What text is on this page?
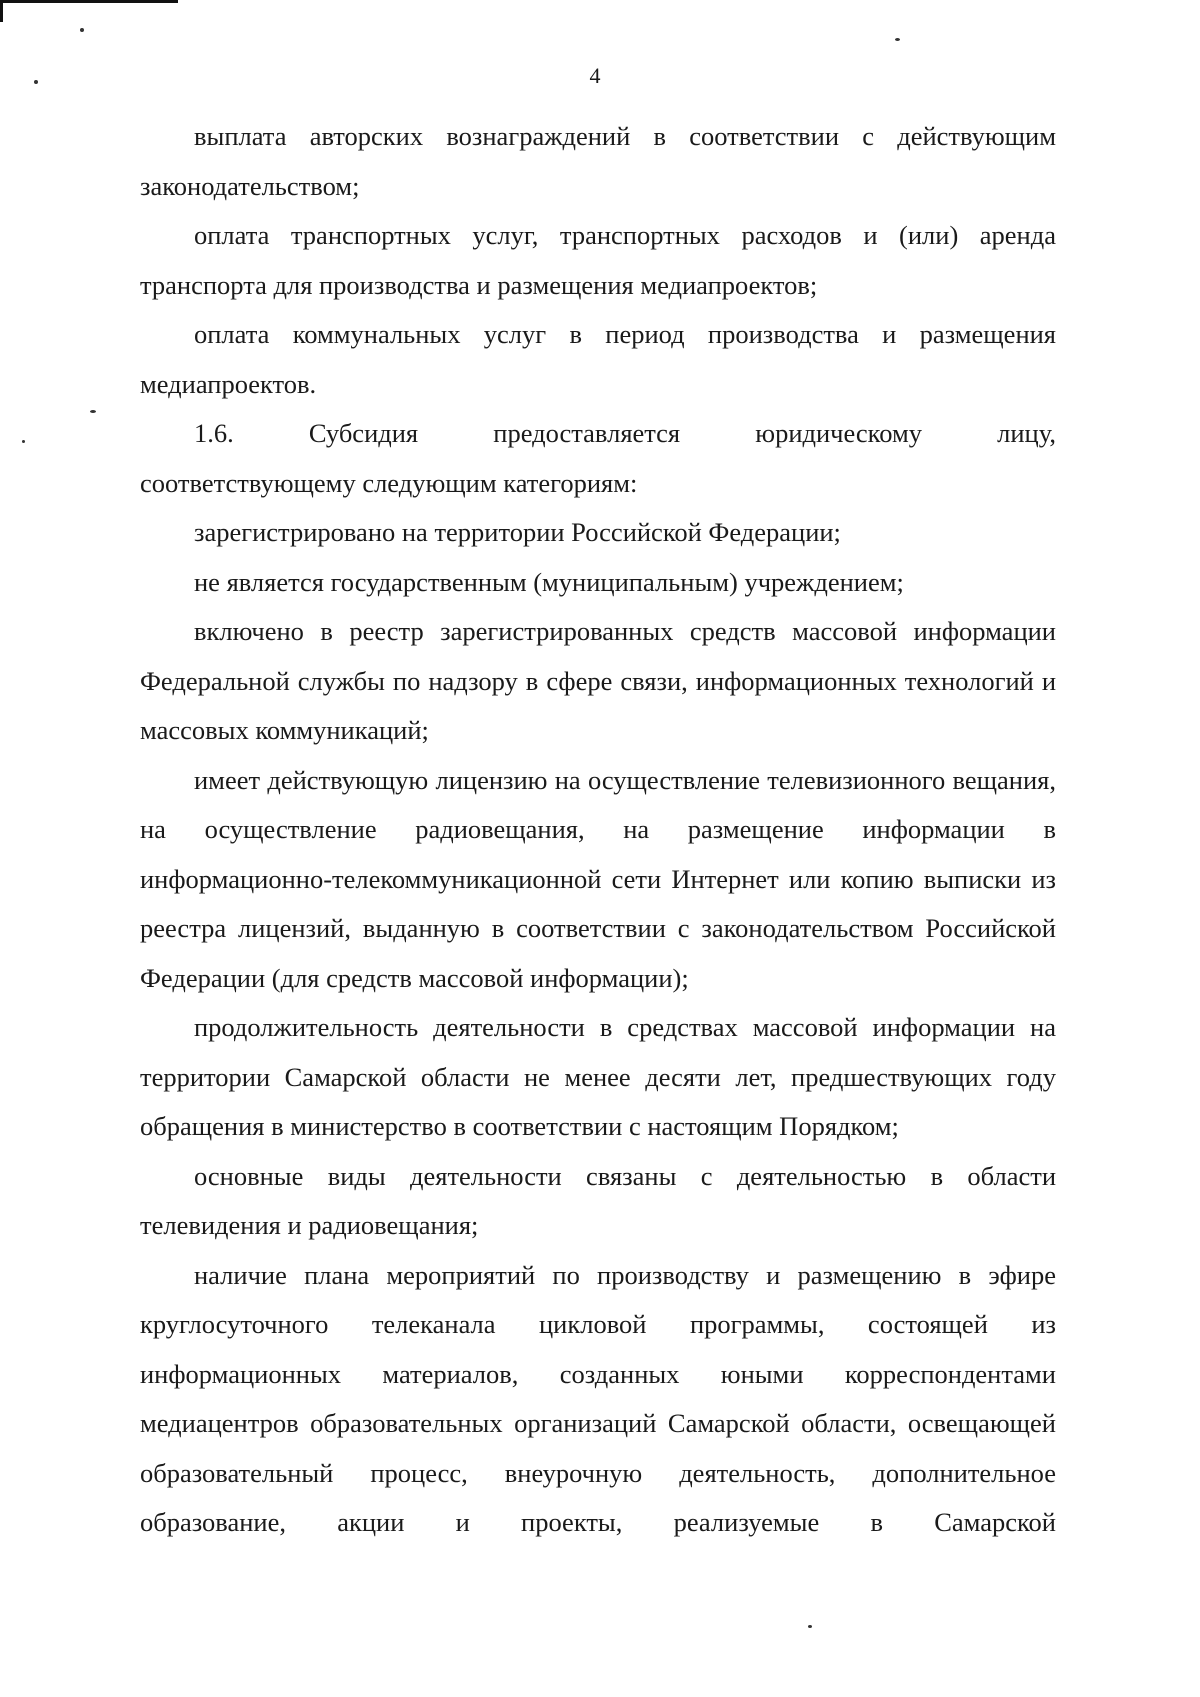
4

выплата авторских вознаграждений в соответствии с действующим законодательством;

оплата транспортных услуг, транспортных расходов и (или) аренда транспорта для производства и размещения медиапроектов;

оплата коммунальных услуг в период производства и размещения медиапроектов.

1.6.	Субсидия	предоставляется	юридическому	лицу,
соответствующему следующим категориям:

зарегистрировано на территории Российской Федерации;

не является государственным (муниципальным) учреждением;

включено в реестр зарегистрированных средств массовой информации Федеральной службы по надзору в сфере связи, информационных технологий и массовых коммуникаций;

имеет действующую лицензию на осуществление телевизионного вещания, на осуществление радиовещания, на размещение информации в информационно-телекоммуникационной сети Интернет или копию выписки из реестра лицензий, выданную в соответствии с законодательством Российской Федерации (для средств массовой информации);

продолжительность деятельности в средствах массовой информации на территории Самарской области не менее десяти лет, предшествующих году обращения в министерство в соответствии с настоящим Порядком;

основные виды деятельности связаны с деятельностью в области телевидения и радиовещания;

наличие плана мероприятий по производству и размещению в эфире круглосуточного телеканала цикловой программы, состоящей из информационных материалов, созданных юными корреспондентами медиацентров образовательных организаций Самарской области, освещающей образовательный процесс, внеурочную деятельность, дополнительное образование, акции и проекты, реализуемые в Самарской
